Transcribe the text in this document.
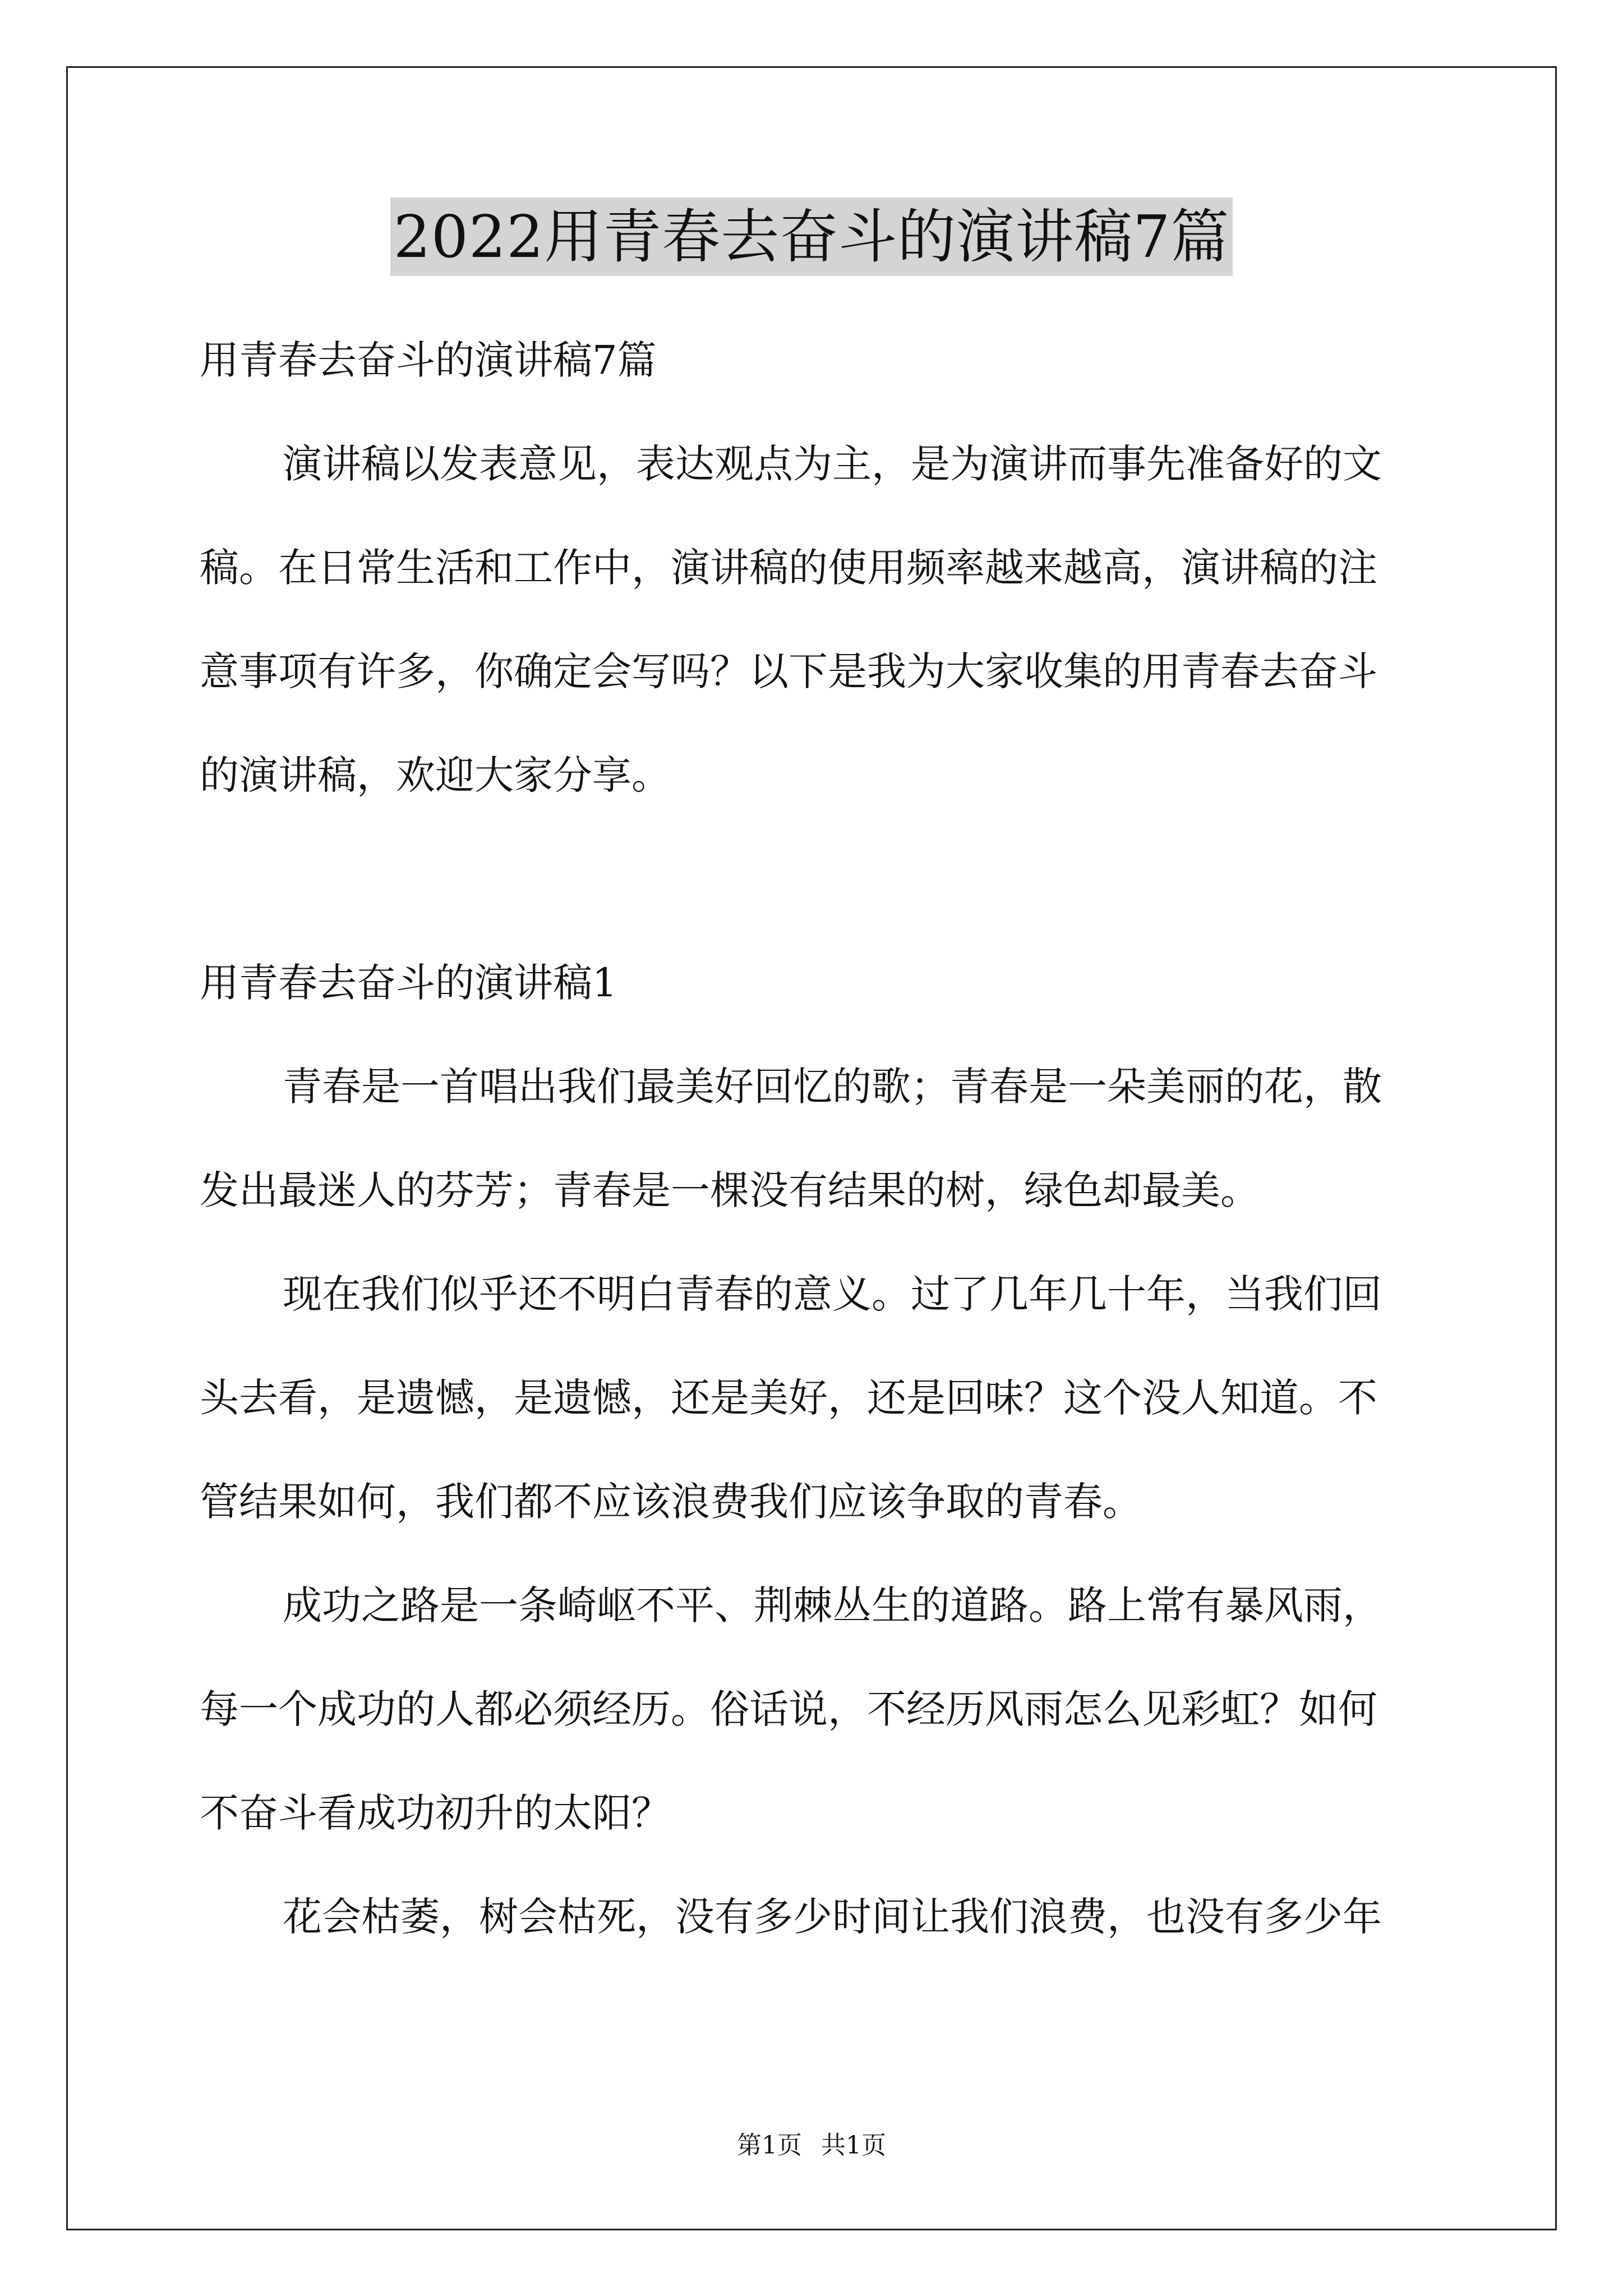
2022用青春去奋斗的演讲稿7篇
用青春去奋斗的演讲稿7篇
演讲稿以发表意见，表达观点为主，是为演讲而事先准备好的文
稿。在日常生活和工作中，演讲稿的使用频率越来越高，演讲稿的注
意事项有许多，你确定会写吗？以下是我为大家收集的用青春去奋斗
的演讲稿，欢迎大家分享。
用青春去奋斗的演讲稿1
青春是一首唱出我们最美好回忆的歌；青春是一朵美丽的花，散
发出最迷人的芬芳；青春是一棵没有结果的树，绿色却最美。
现在我们似乎还不明白青春的意义。过了几年几十年，当我们回
头去看，是遗憾，是遗憾，还是美好，还是回味？这个没人知道。不
管结果如何，我们都不应该浪费我们应该争取的青春。
成功之路是一条崎岖不平、荆棘丛生的道路。路上常有暴风雨，
每一个成功的人都必须经历。俗话说，不经历风雨怎么见彩虹？如何
不奋斗看成功初升的太阳？
花会枯萎，树会枯死，没有多少时间让我们浪费，也没有多少年
第1页 共1页
